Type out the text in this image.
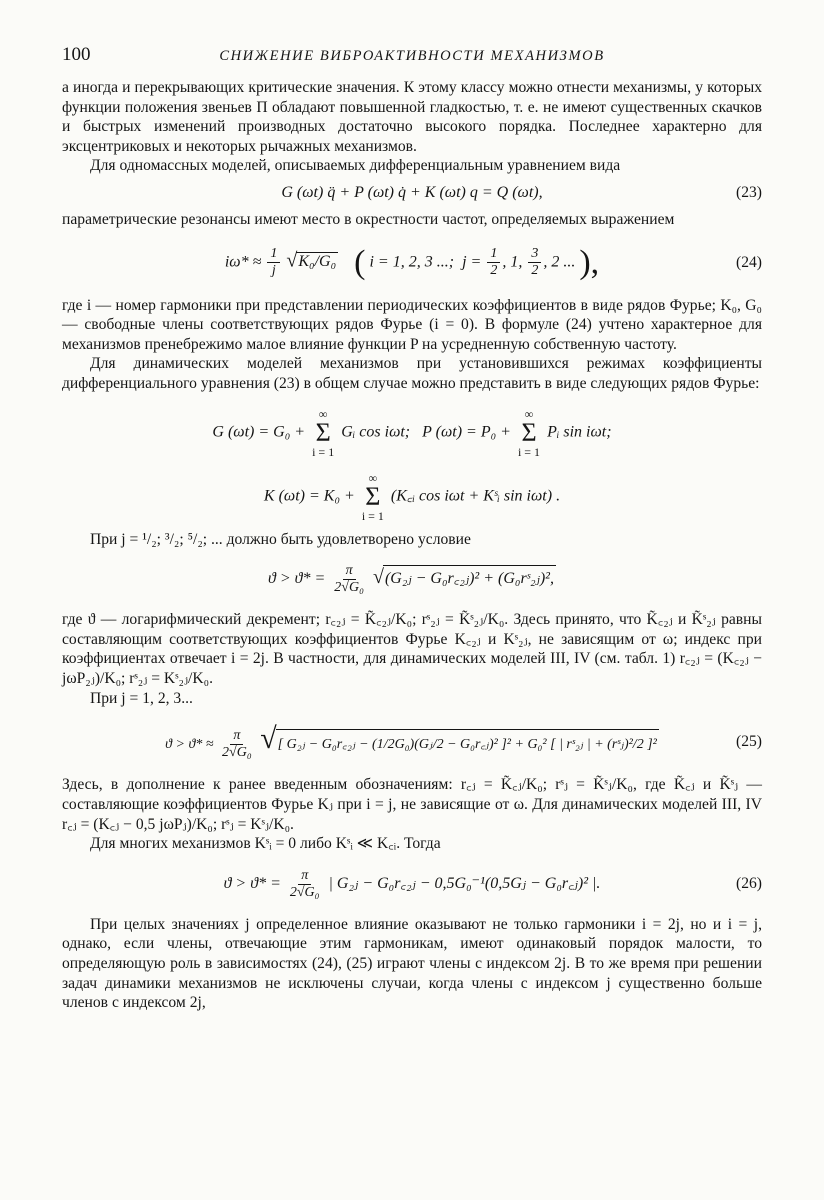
100	СНИЖЕНИЕ ВИБРОАКТИВНОСТИ МЕХАНИЗМОВ

а иногда и перекрывающих критические значения. К этому классу можно отнести механизмы, у которых функции положения звеньев П обладают повышенной гладкостью, т. е. не имеют существенных скачков и быстрых изменений производных достаточно высокого порядка. Последнее характерно для эксцентриковых и некоторых рычажных механизмов.

Для одномассных моделей, описываемых дифференциальным уравнением вида

G (ωt) q̈ + P (ωt) q̇ + K (ωt) q = Q (ωt),	(23)

параметрические резонансы имеют место в окрестности частот, определяемых выражением

$i\omega* \approx \frac{1}{j} √K_0/G_0$ ( i = 1, 2, 3 ...; $j = \frac{1}{2}$ , 1, $\frac{3}{2}$ , 2 ... ),	(24)

где i — номер гармоники при представлении периодических коэффициентов в виде рядов Фурье; K₀, G₀ — свободные члены соответствующих рядов Фурье (i = 0). В формуле (24) учтено характерное для механизмов пренебрежимо малое влияние функции P на усредненную собственную частоту.

Для динамических моделей механизмов при установившихся режимах коэффициенты дифференциального уравнения (23) в общем случае можно представить в виде следующих рядов Фурье:

G (ωt) = G₀ +
∞
Σ
i = 1
Gᵢ cos iωt; P (ωt) = P₀ +
∞
Σ
i = 1
Pᵢ sin iωt;
K (ωt) = K₀ +
∞
Σ
i = 1
(K꜀ᵢ cos iωt + Kˢᵢ sin iωt) .

При j = ¹/₂; ³/₂; ⁵/₂; ... должно быть удовлетворено условие

$ϑ > ϑ* = \frac{\pi}{\text{2√G₀}}$ √(G₂ⱼ − G₀r꜀₂ⱼ)² + (G₀rˢ₂ⱼ)²,

где ϑ — логарифмический декремент; r꜀₂ⱼ = K̃꜀₂ⱼ/K₀; rˢ₂ⱼ = K̃ˢ₂ⱼ/K₀. Здесь принято, что K̃꜀₂ⱼ и K̃ˢ₂ⱼ равны составляющим соответствующих коэффициентов Фурье K꜀₂ⱼ и Kˢ₂ⱼ, не зависящим от ω; индекс при коэффициентах отвечает i = 2j. В частности, для динамических моделей III, IV (см. табл. 1) r꜀₂ⱼ = (K꜀₂ⱼ − jωP₂ⱼ)/K₀; rˢ₂ⱼ = Kˢ₂ⱼ/K₀.

При j = 1, 2, 3...

$ϑ > ϑ* \approx \frac{\pi}{\text{2√G₀}}$ √[ G₂ⱼ − G₀r꜀₂ⱼ − (1/2G₀)(Gⱼ/2 − G₀r꜀ⱼ)² ]² + G₀² [ | rˢ₂ⱼ | + (rˢⱼ)²/2 ]²	(25)

Здесь, в дополнение к ранее введенным обозначениям: r꜀ⱼ = K̃꜀ⱼ/K₀; rˢⱼ = K̃ˢⱼ/K₀, где K̃꜀ⱼ и K̃ˢⱼ — составляющие коэффициентов Фурье Kⱼ при i = j, не зависящие от ω. Для динамических моделей III, IV r꜀ⱼ = (K꜀ⱼ − 0,5 jωPⱼ)/K₀; rˢⱼ = Kˢⱼ/K₀.

Для многих механизмов Kˢᵢ = 0 либо Kˢᵢ ≪ K꜀ᵢ. Тогда

$ϑ > ϑ* = \frac{\pi}{\text{2√G₀}}$ | G₂ⱼ − G₀r꜀₂ⱼ − 0,5G₀⁻¹(0,5Gⱼ − G₀r꜀ⱼ)² |.	(26)

При целых значениях j определенное влияние оказывают не только гармоники i = 2j, но и i = j, однако, если члены, отвечающие этим гармоникам, имеют одинаковый порядок малости, то определяющую роль в зависимостях (24), (25) играют члены с индексом 2j. В то же время при решении задач динамики механизмов не исключены случаи, когда члены с индексом j существенно больше членов с индексом 2j,
